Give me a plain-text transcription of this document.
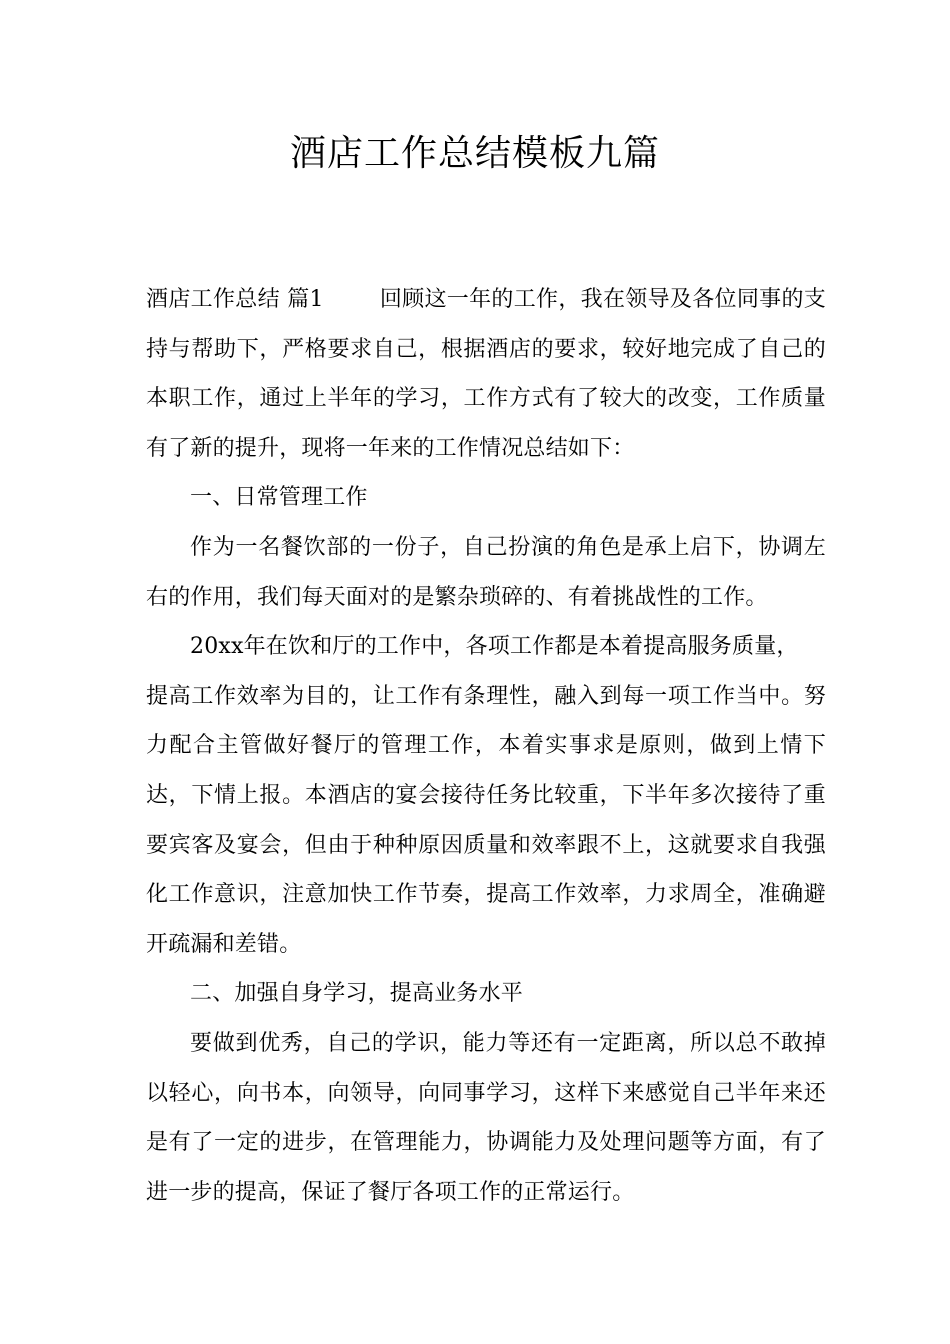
酒店工作总结模板九篇

酒店工作总结 篇1	回顾这一年的工作，我在领导及各位同事的支持与帮助下，严格要求自己，根据酒店的要求，较好地完成了自己的本职工作，通过上半年的学习，工作方式有了较大的改变，工作质量有了新的提升，现将一年来的工作情况总结如下：

一、日常管理工作

作为一名餐饮部的一份子，自己扮演的角色是承上启下，协调左右的作用，我们每天面对的是繁杂琐碎的、有着挑战性的工作。

20xx年在饮和厅的工作中，各项工作都是本着提高服务质量，

提高工作效率为目的，让工作有条理性，融入到每一项工作当中。努力配合主管做好餐厅的管理工作，本着实事求是原则，做到上情下达，下情上报。本酒店的宴会接待任务比较重，下半年多次接待了重要宾客及宴会，但由于种种原因质量和效率跟不上，这就要求自我强化工作意识，注意加快工作节奏，提高工作效率，力求周全，准确避开疏漏和差错。

二、加强自身学习，提高业务水平

要做到优秀，自己的学识，能力等还有一定距离，所以总不敢掉以轻心，向书本，向领导，向同事学习，这样下来感觉自己半年来还是有了一定的进步，在管理能力，协调能力及处理问题等方面，有了进一步的提高，保证了餐厅各项工作的正常运行。
